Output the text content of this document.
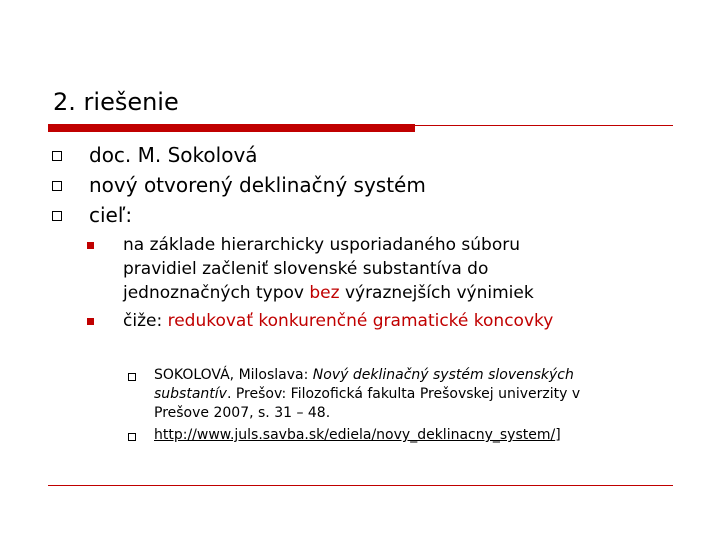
2. riešenie
doc. M. Sokolová
nový otvorený deklinačný systém
cieľ:
na základe hierarchicky usporiadaného súboru
pravidiel začleniť slovenské substantíva do
jednoznačných typov bez výraznejších výnimiek
čiže: redukovať konkurenčné gramatické koncovky
SOKOLOVÁ, Miloslava: Nový deklinačný systém slovenských
substantív. Prešov: Filozofická fakulta Prešovskej univerzity v
Prešove 2007, s. 31 – 48.
http://www.juls.savba.sk/ediela/novy_deklinacny_system/]
